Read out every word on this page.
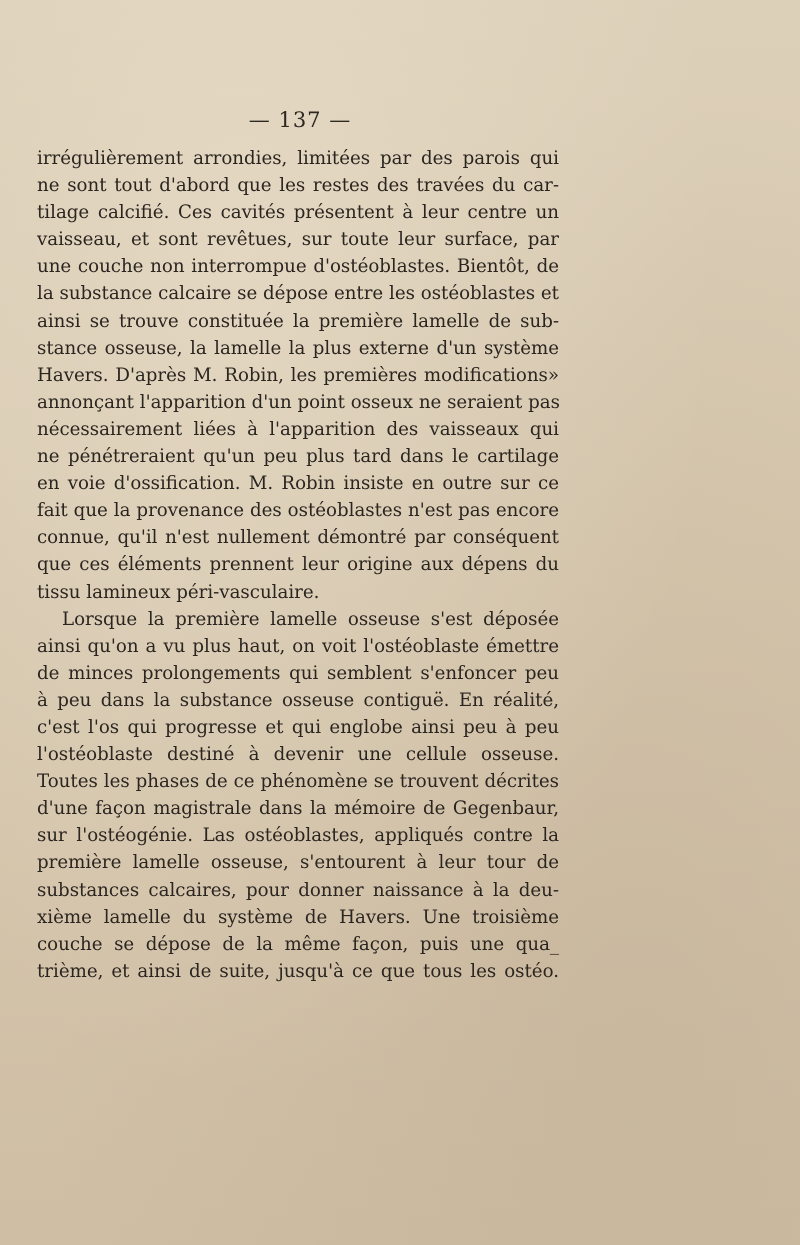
— 137 —
irrégulièrement arrondies, limitées par des parois qui
ne sont tout d'abord que les restes des travées du car-
tilage calcifié. Ces cavités présentent à leur centre un
vaisseau, et sont revêtues, sur toute leur surface, par
une couche non interrompue d'ostéoblastes. Bientôt, de
la substance calcaire se dépose entre les ostéoblastes et
ainsi se trouve constituée la première lamelle de sub-
stance osseuse, la lamelle la plus externe d'un système
Havers. D'après M. Robin, les premières modifications»
annonçant l'apparition d'un point osseux ne seraient pas
nécessairement liées à l'apparition des vaisseaux qui
ne pénétreraient qu'un peu plus tard dans le cartilage
en voie d'ossification. M. Robin insiste en outre sur ce
fait que la provenance des ostéoblastes n'est pas encore
connue, qu'il n'est nullement démontré par conséquent
que ces éléments prennent leur origine aux dépens du
tissu lamineux péri-vasculaire.
Lorsque la première lamelle osseuse s'est déposée
ainsi qu'on a vu plus haut, on voit l'ostéoblaste émettre
de minces prolongements qui semblent s'enfoncer peu
à peu dans la substance osseuse contiguë. En réalité,
c'est l'os qui progresse et qui englobe ainsi peu à peu
l'ostéoblaste destiné à devenir une cellule osseuse.
Toutes les phases de ce phénomène se trouvent décrites
d'une façon magistrale dans la mémoire de Gegenbaur,
sur l'ostéogénie. Las ostéoblastes, appliqués contre la
première lamelle osseuse, s'entourent à leur tour de
substances calcaires, pour donner naissance à la deu-
xième lamelle du système de Havers. Une troisième
couche se dépose de la même façon, puis une qua_
trième, et ainsi de suite, jusqu'à ce que tous les ostéo.
